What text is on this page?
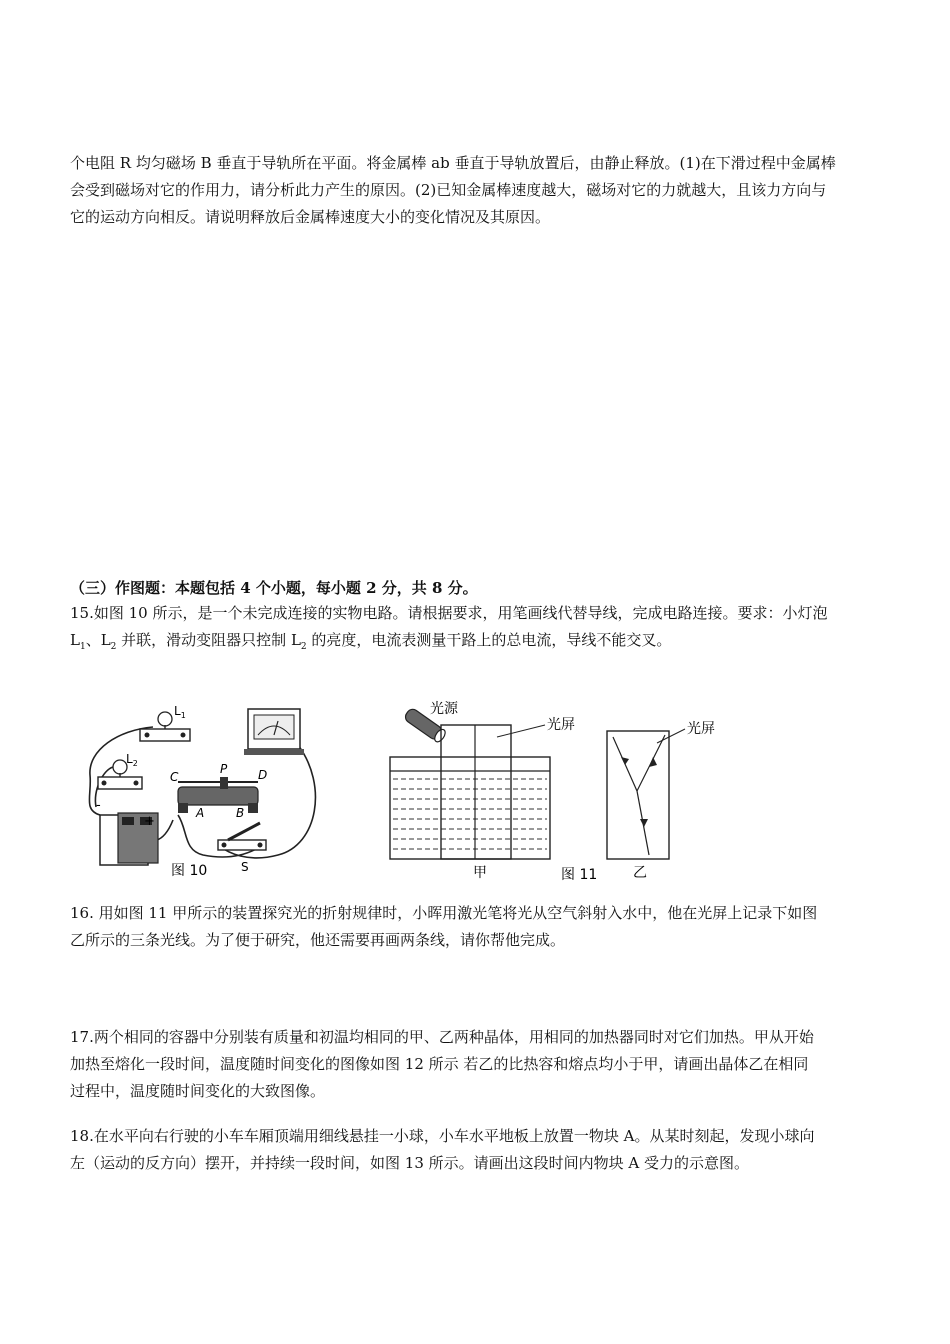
个电阻 R 均匀磁场 B 垂直于导轨所在平面。将金属棒 ab 垂直于导轨放置后，由静止释放。(1)在下滑过程中金属棒
会受到磁场对它的作用力，请分析此力产生的原因。(2)已知金属棒速度越大，磁场对它的力就越大，且该力方向与
它的运动方向相反。请说明释放后金属棒速度大小的变化情况及其原因。
（三）作图题：本题包括 4 个小题，每小题 2 分，共 8 分。
15.如图 10 所示，是一个未完成连接的实物电路。请根据要求，用笔画线代替导线，完成电路连接。要求：小灯泡
$L_1$、$L_2$ 并联，滑动变阻器只控制 $L_2$ 的亮度，电流表测量干路上的总电流，导线不能交叉。
$L_1$
$L_2$
C
P	D
A	B
-
+
S
图 10
光源
光屏
甲
光屏
图 11	乙
16. 用如图 11 甲所示的装置探究光的折射规律时，小晖用激光笔将光从空气斜射入水中，他在光屏上记录下如图
乙所示的三条光线。为了便于研究，他还需要再画两条线，请你帮他完成。
17.两个相同的容器中分别装有质量和初温均相同的甲、乙两种晶体，用相同的加热器同时对它们加热。甲从开始
加热至熔化一段时间，温度随时间变化的图像如图 12 所示 若乙的比热容和熔点均小于甲，请画出晶体乙在相同
过程中，温度随时间变化的大致图像。
18.在水平向右行驶的小车车厢顶端用细线悬挂一小球，小车水平地板上放置一物块 A。从某时刻起，发现小球向
左（运动的反方向）摆开，并持续一段时间，如图 13 所示。请画出这段时间内物块 A 受力的示意图。
